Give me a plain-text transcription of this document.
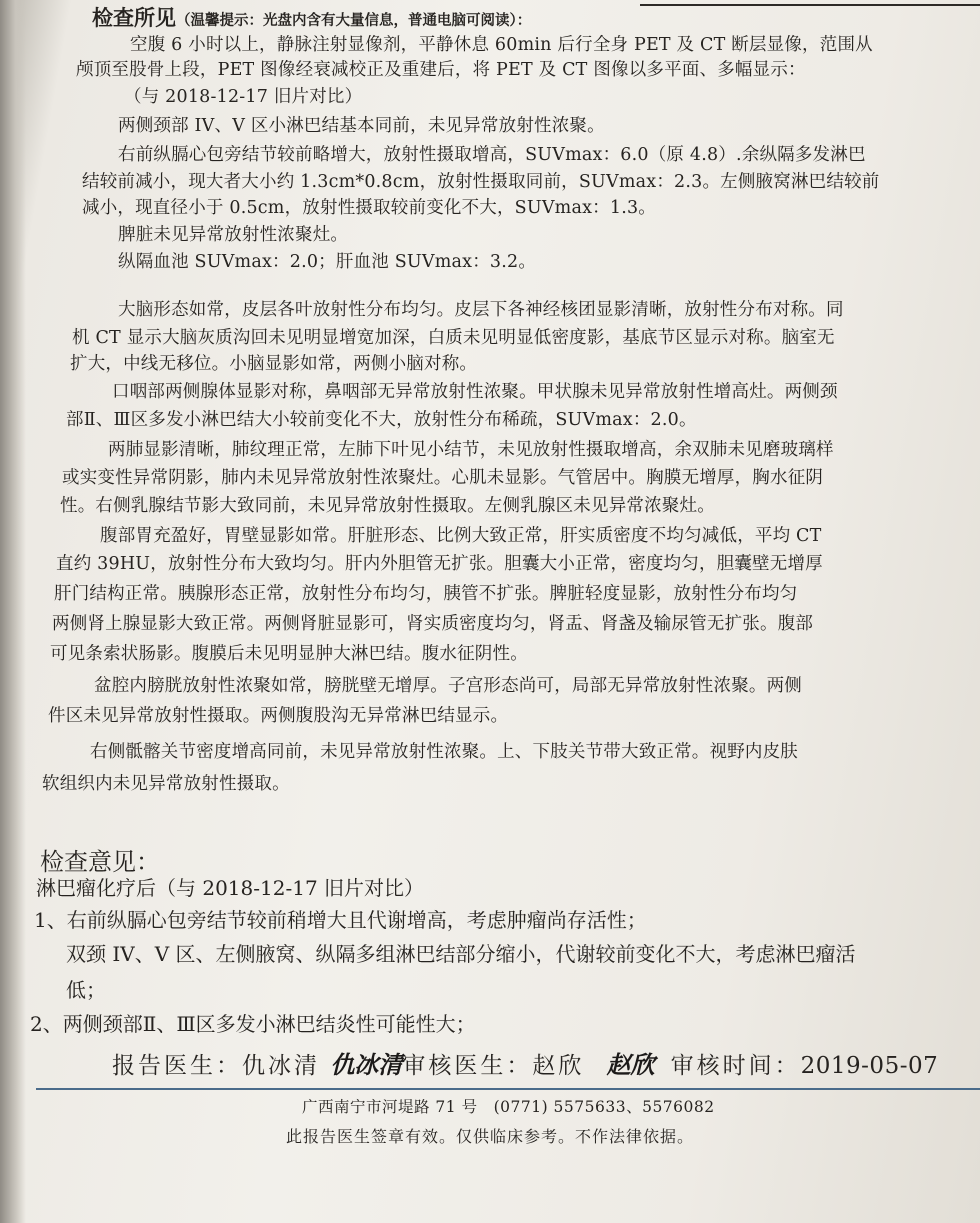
检查所见（温馨提示：光盘内含有大量信息，普通电脑可阅读）：
空腹 6 小时以上，静脉注射显像剂，平静休息 60min 后行全身 PET 及 CT 断层显像，范围从
颅顶至股骨上段，PET 图像经衰减校正及重建后，将 PET 及 CT 图像以多平面、多幅显示：
（与 2018-12-17 旧片对比）
两侧颈部 IV、V 区小淋巴结基本同前，未见异常放射性浓聚。
右前纵膈心包旁结节较前略增大，放射性摄取增高，SUVmax：6.0（原 4.8）.余纵隔多发淋巴
结较前减小，现大者大小约 1.3cm*0.8cm，放射性摄取同前，SUVmax：2.3。左侧腋窝淋巴结较前
减小，现直径小于 0.5cm，放射性摄取较前变化不大，SUVmax：1.3。
脾脏未见异常放射性浓聚灶。
纵隔血池 SUVmax：2.0；肝血池 SUVmax：3.2。
大脑形态如常，皮层各叶放射性分布均匀。皮层下各神经核团显影清晰，放射性分布对称。同
机 CT 显示大脑灰质沟回未见明显增宽加深，白质未见明显低密度影，基底节区显示对称。脑室无
扩大，中线无移位。小脑显影如常，两侧小脑对称。
口咽部两侧腺体显影对称，鼻咽部无异常放射性浓聚。甲状腺未见异常放射性增高灶。两侧颈
部Ⅱ、Ⅲ区多发小淋巴结大小较前变化不大，放射性分布稀疏，SUVmax：2.0。
两肺显影清晰，肺纹理正常，左肺下叶见小结节，未见放射性摄取增高，余双肺未见磨玻璃样
或实变性异常阴影，肺内未见异常放射性浓聚灶。心肌未显影。气管居中。胸膜无增厚，胸水征阴
性。右侧乳腺结节影大致同前，未见异常放射性摄取。左侧乳腺区未见异常浓聚灶。
腹部胃充盈好，胃壁显影如常。肝脏形态、比例大致正常，肝实质密度不均匀减低，平均 CT
直约 39HU，放射性分布大致均匀。肝内外胆管无扩张。胆囊大小正常，密度均匀，胆囊壁无增厚
肝门结构正常。胰腺形态正常，放射性分布均匀，胰管不扩张。脾脏轻度显影，放射性分布均匀
两侧肾上腺显影大致正常。两侧肾脏显影可，肾实质密度均匀，肾盂、肾盏及输尿管无扩张。腹部
可见条索状肠影。腹膜后未见明显肿大淋巴结。腹水征阴性。
盆腔内膀胱放射性浓聚如常，膀胱壁无增厚。子宫形态尚可，局部无异常放射性浓聚。两侧
件区未见异常放射性摄取。两侧腹股沟无异常淋巴结显示。
右侧骶髂关节密度增高同前，未见异常放射性浓聚。上、下肢关节带大致正常。视野内皮肤
软组织内未见异常放射性摄取。
检查意见：
淋巴瘤化疗后（与 2018-12-17 旧片对比）
1、右前纵膈心包旁结节较前稍增大且代谢增高，考虑肿瘤尚存活性；
双颈 IV、V 区、左侧腋窝、纵隔多组淋巴结部分缩小，代谢较前变化不大，考虑淋巴瘤活
低；
2、两侧颈部Ⅱ、Ⅲ区多发小淋巴结炎性可能性大；
报告医生：仇冰清 仇冰清审核医生：赵欣 赵欣 审核时间：2019-05-07
广西南宁市河堤路 71 号　(0771) 5575633、5576082
此报告医生签章有效。仅供临床参考。不作法律依据。
